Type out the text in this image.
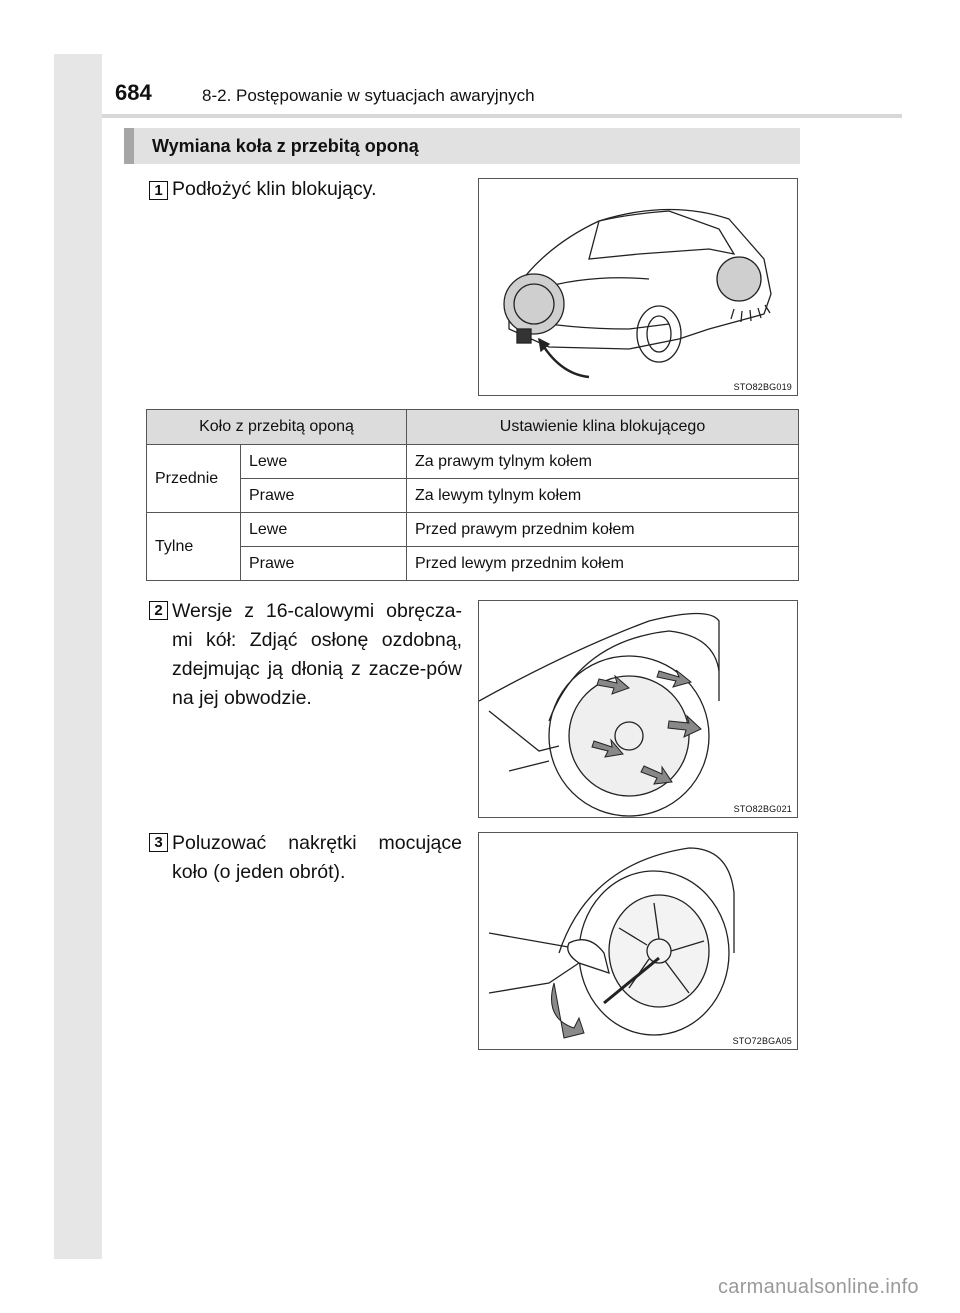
684	8-2. Postępowanie w sytuacjach awaryjnych
Wymiana koła z przebitą oponą
1 Podłożyć klin blokujący.
STO82BG019
Koło z przebitą oponą		Ustawienie klina blokującego
Przednie	Lewe	Za prawym tylnym kołem
	Prawe	Za lewym tylnym kołem
Tylne	Lewe	Przed prawym przednim kołem
	Prawe	Przed lewym przednim kołem
2 Wersje z 16-calowymi obręcza-mi kół: Zdjąć osłonę ozdobną, zdejmując ją dłonią z zacze-pów na jej obwodzie.
STO82BG021
3 Poluzować nakrętki mocujące koło (o jeden obrót).
STO72BGA05
carmanualsonline.info
